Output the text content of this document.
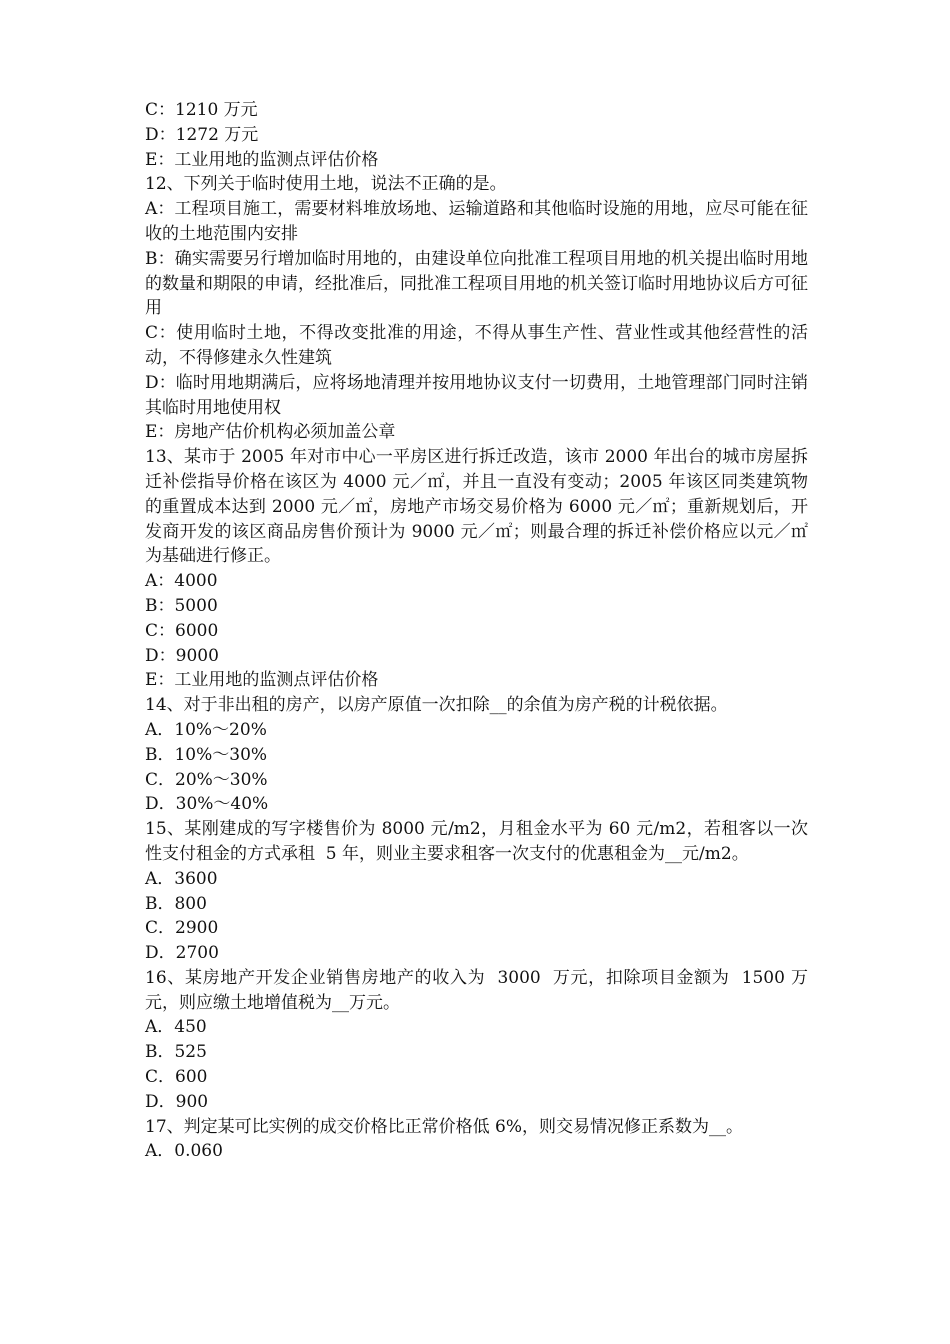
C：1210 万元

D：1272 万元

E：工业用地的监测点评估价格

12、下列关于临时使用土地，说法不正确的是。

A：工程项目施工，需要材料堆放场地、运输道路和其他临时设施的用地，应尽可能在征收的土地范围内安排

B：确实需要另行增加临时用地的，由建设单位向批准工程项目用地的机关提出临时用地的数量和期限的申请，经批准后，同批准工程项目用地的机关签订临时用地协议后方可征用

C：使用临时土地，不得改变批准的用途，不得从事生产性、营业性或其他经营性的活动，不得修建永久性建筑

D：临时用地期满后，应将场地清理并按用地协议支付一切费用，土地管理部门同时注销其临时用地使用权

E：房地产估价机构必须加盖公章

13、某市于 2005 年对市中心一平房区进行拆迁改造，该市 2000 年出台的城市房屋拆迁补偿指导价格在该区为 4000 元／㎡，并且一直没有变动；2005 年该区同类建筑物的重置成本达到 2000 元／㎡，房地产市场交易价格为 6000 元／㎡；重新规划后，开发商开发的该区商品房售价预计为 9000 元／㎡；则最合理的拆迁补偿价格应以元／㎡为基础进行修正。

A：4000

B：5000

C：6000

D：9000

E：工业用地的监测点评估价格

14、对于非出租的房产，以房产原值一次扣除__的余值为房产税的计税依据。

A．10%～20%

B．10%～30%

C．20%～30%

D．30%～40%

15、某刚建成的写字楼售价为 8000 元/m2，月租金水平为 60 元/m2，若租客以一次性支付租金的方式承租  5 年，则业主要求租客一次支付的优惠租金为__元/m2。

A．3600

B．800

C．2900

D．2700

16、某房地产开发企业销售房地产的收入为  3000  万元，扣除项目金额为  1500 万元，则应缴土地增值税为__万元。

A．450

B．525

C．600

D．900

17、判定某可比实例的成交价格比正常价格低 6%，则交易情况修正系数为__。

A．0.060
